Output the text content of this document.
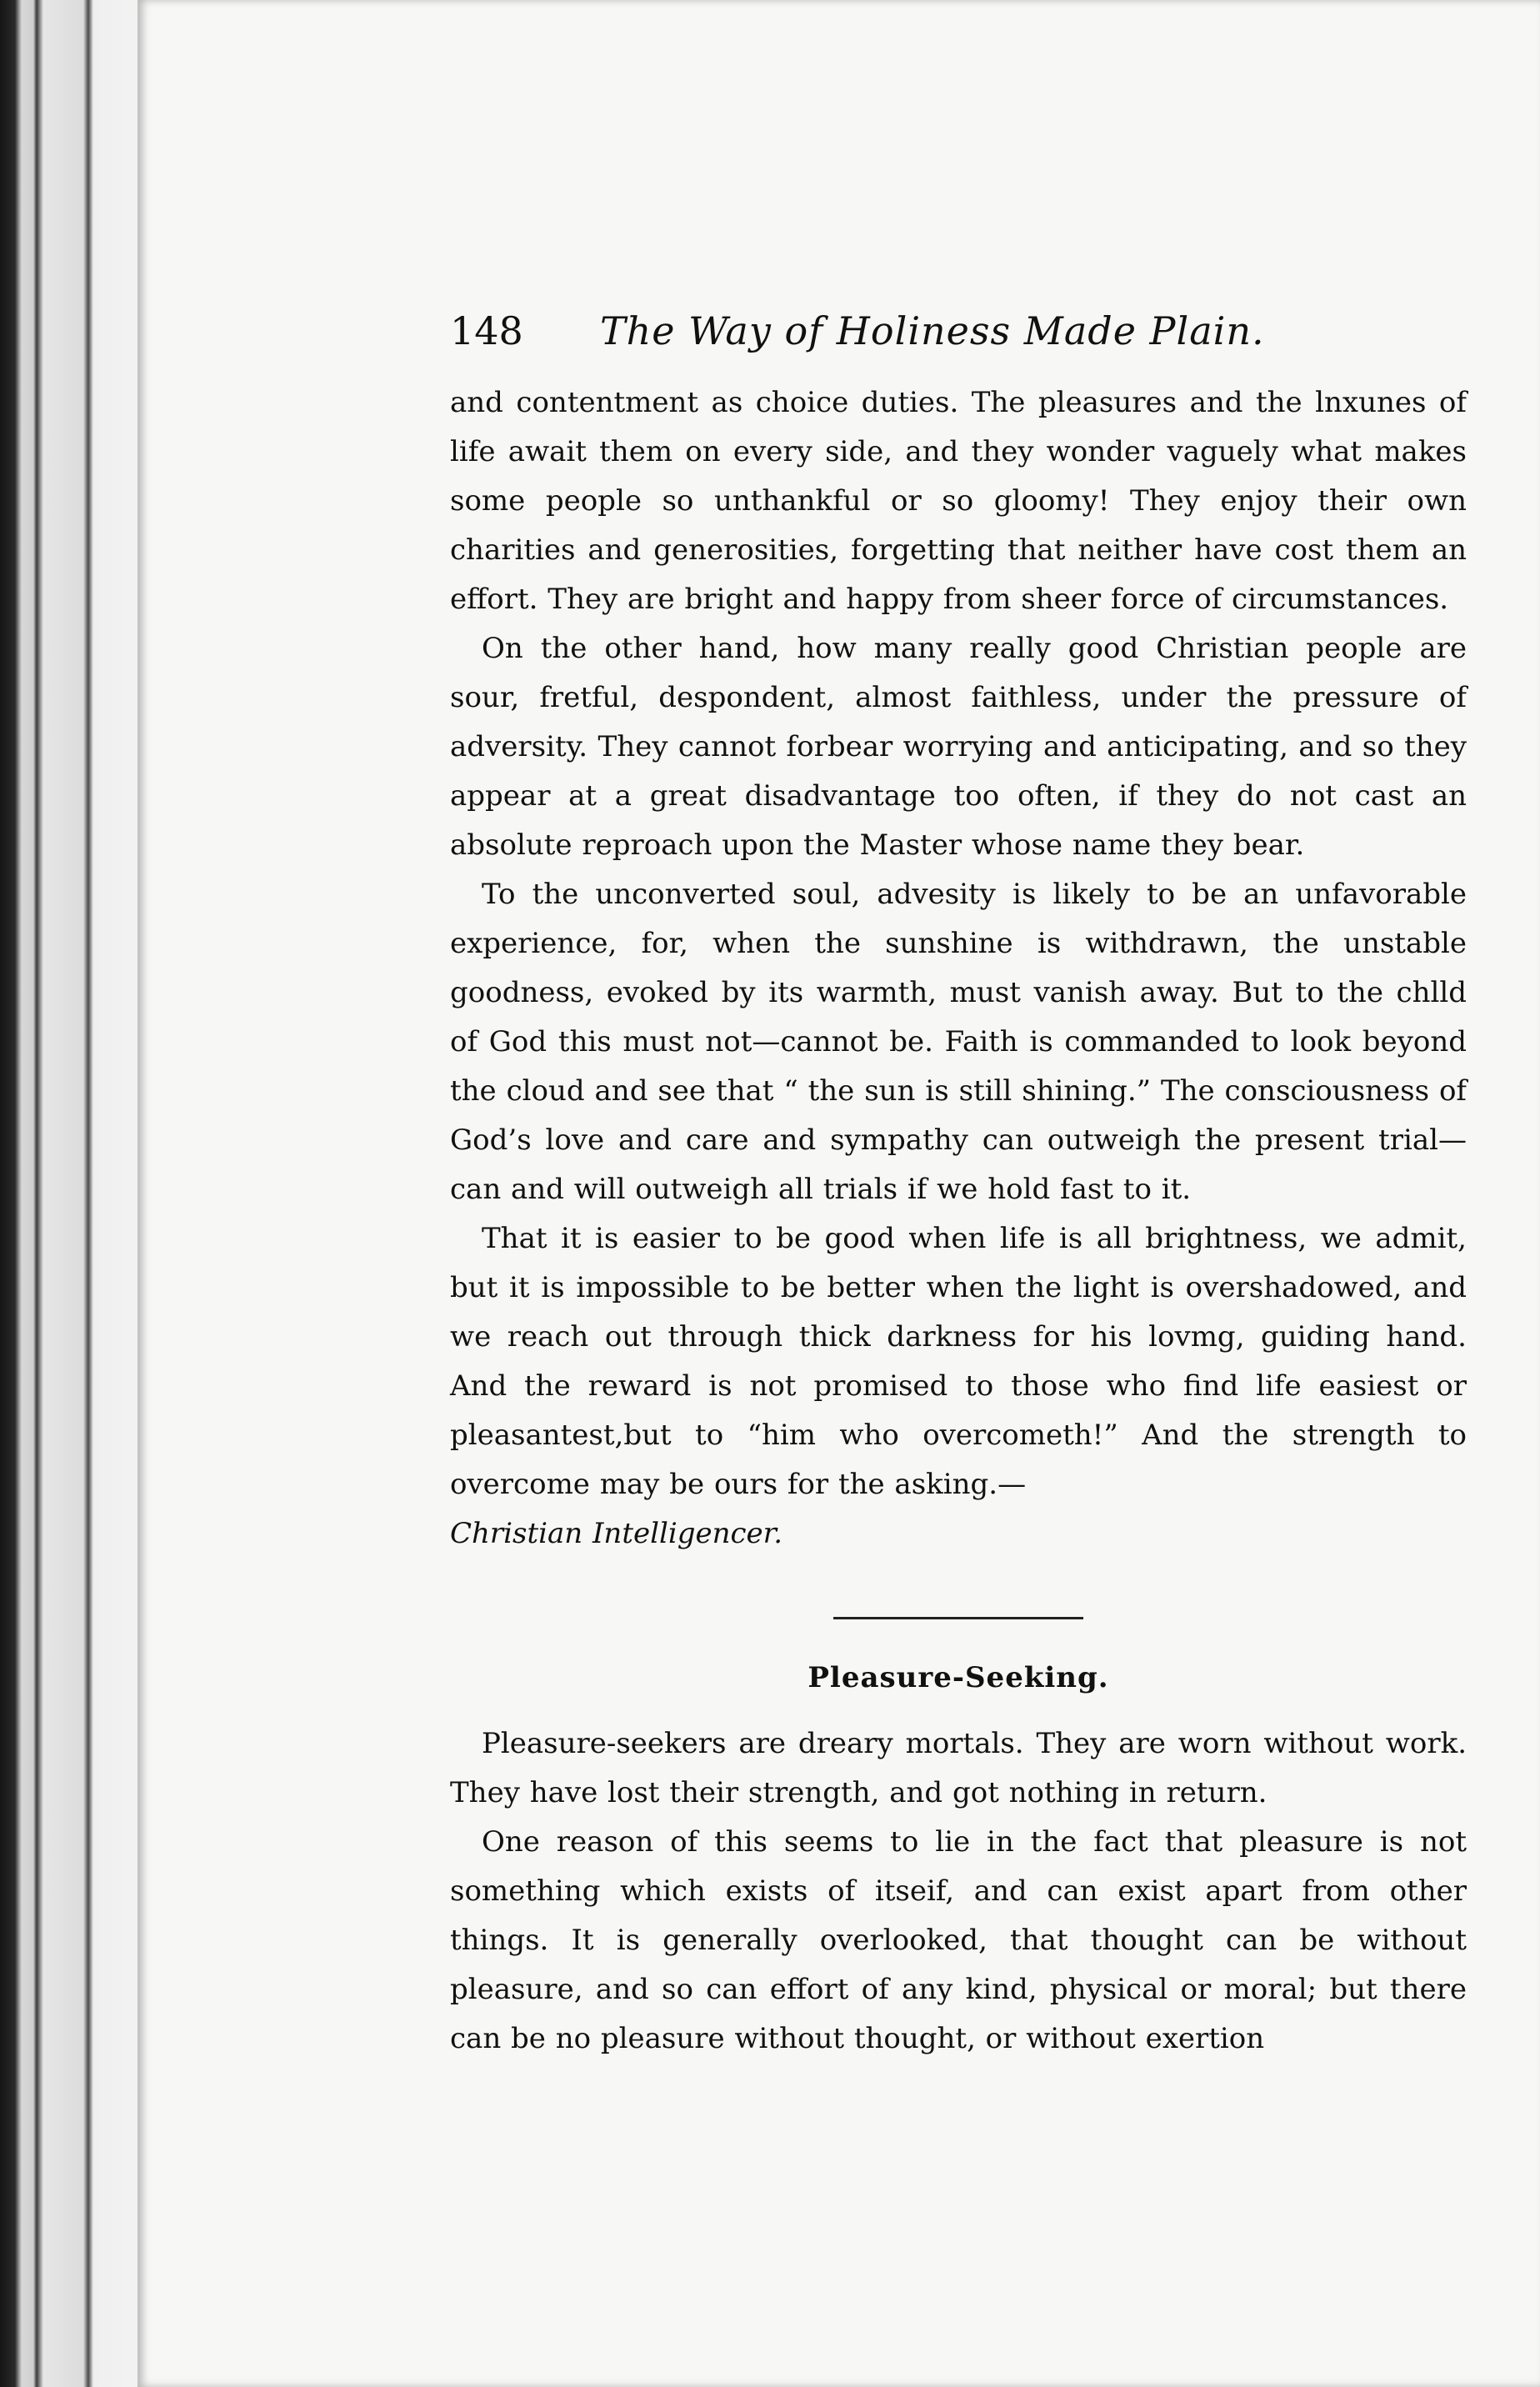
148	The Way of Holiness Made Plain.

and contentment as choice duties. The pleasures and the lnxunes of life await them on every side, and they wonder vaguely what makes some people so unthankful or so gloomy! They enjoy their own charities and generosities, forgetting that neither have cost them an effort. They are bright and happy from sheer force of circumstances.

On the other hand, how many really good Christian people are sour, fretful, despondent, almost faithless, under the pressure of adversity. They cannot forbear worrying and anticipating, and so they appear at a great disadvantage too often, if they do not cast an absolute reproach upon the Master whose name they bear.

To the unconverted soul, advesity is likely to be an unfavorable experience, for, when the sunshine is withdrawn, the unstable goodness, evoked by its warmth, must vanish away. But to the chlld of God this must not—cannot be. Faith is commanded to look beyond the cloud and see that “ the sun is still shining.” The consciousness of God’s love and care and sympathy can outweigh the present trial—can and will outweigh all trials if we hold fast to it.

That it is easier to be good when life is all brightness, we admit, but it is impossible to be better when the light is overshadowed, and we reach out through thick darkness for his lovmg, guiding hand. And the reward is not promised to those who find life easiest or pleasantest,but to “him who overcometh!” And the strength to overcome may be ours for the asking.—
Christian Intelligencer.

Pleasure-Seeking.

Pleasure-seekers are dreary mortals. They are worn without work. They have lost their strength, and got nothing in return.

One reason of this seems to lie in the fact that pleasure is not something which exists of itseif, and can exist apart from other things. It is generally overlooked, that thought can be without pleasure, and so can effort of any kind, physical or moral; but there can be no pleasure without thought, or without exertion
